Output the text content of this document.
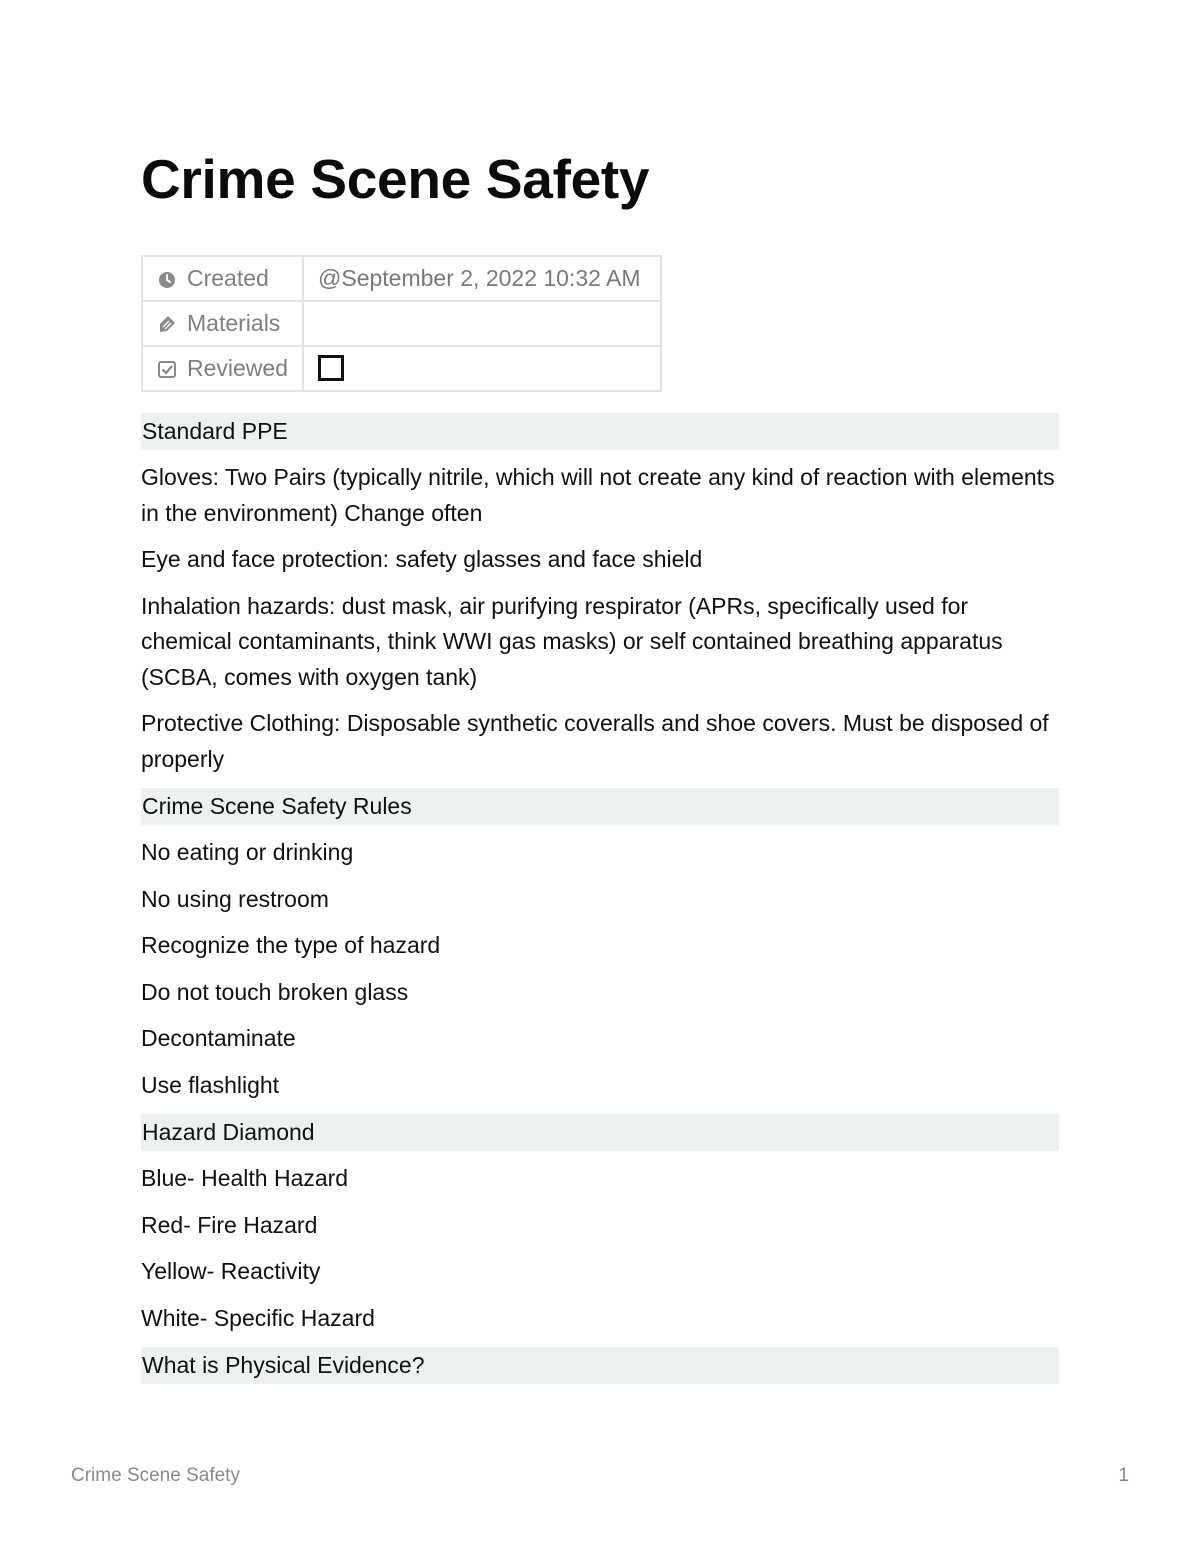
Crime Scene Safety
Created	@September 2, 2022 10:32 AM
Materials	
Reviewed	
Standard PPE
Gloves: Two Pairs (typically nitrile, which will not create any kind of reaction with elements in the environment) Change often
Eye and face protection: safety glasses and face shield
Inhalation hazards: dust mask, air purifying respirator (APRs, specifically used for chemical contaminants, think WWI gas masks) or self contained breathing apparatus (SCBA, comes with oxygen tank)
Protective Clothing: Disposable synthetic coveralls and shoe covers. Must be disposed of properly
Crime Scene Safety Rules
No eating or drinking
No using restroom
Recognize the type of hazard
Do not touch broken glass
Decontaminate
Use flashlight
Hazard Diamond
Blue- Health Hazard
Red- Fire Hazard
Yellow- Reactivity
White- Specific Hazard
What is Physical Evidence?
Crime Scene Safety	1
